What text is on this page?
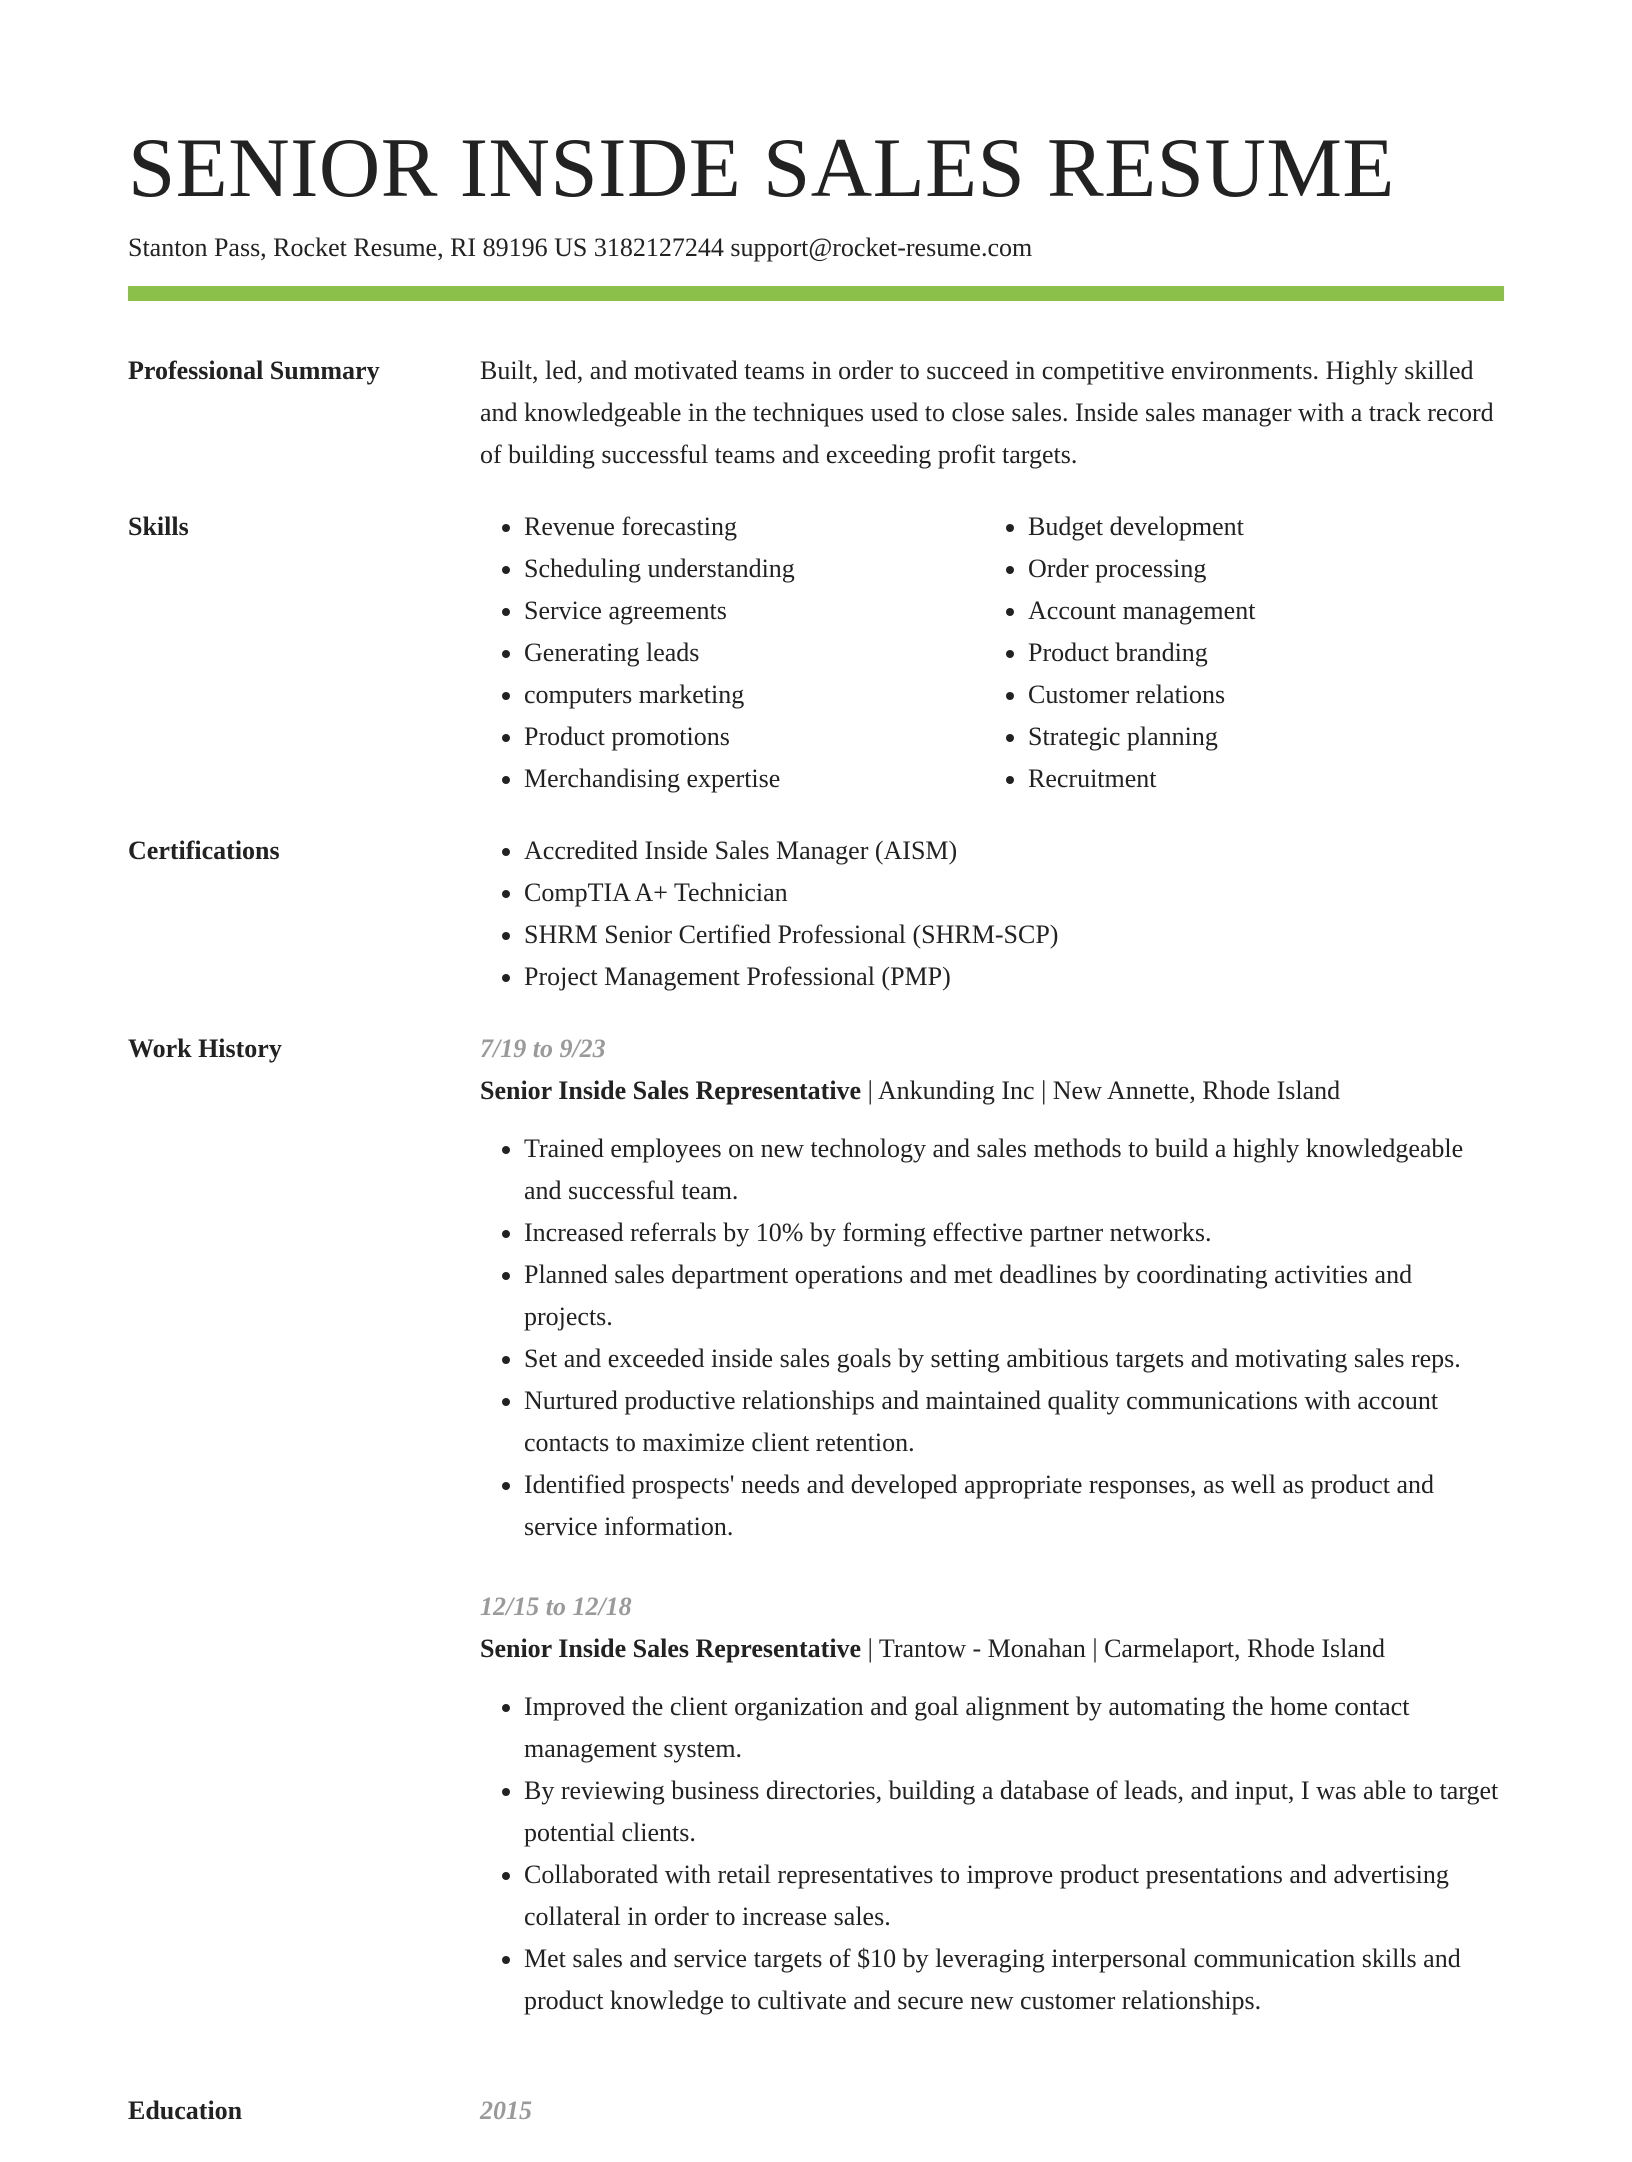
SENIOR INSIDE SALES RESUME
Stanton Pass, Rocket Resume, RI 89196 US 3182127244 support@rocket-resume.com
Professional Summary	Built, led, and motivated teams in order to succeed in competitive environments. Highly skilled and knowledgeable in the techniques used to close sales. Inside sales manager with a track record of building successful teams and exceeding profit targets.

Skills	• Revenue forecasting
• Scheduling understanding
• Service agreements
• Generating leads
• computers marketing
• Product promotions
• Merchandising expertise
• Budget development
• Order processing
• Account management
• Product branding
• Customer relations
• Strategic planning
• Recruitment
Certifications	• Accredited Inside Sales Manager (AISM)
• CompTIA A+ Technician
• SHRM Senior Certified Professional (SHRM-SCP)
• Project Management Professional (PMP)
Work History	7/19 to 9/23
Senior Inside Sales Representative | Ankunding Inc | New Annette, Rhode Island
• Trained employees on new technology and sales methods to build a highly knowledgeable and successful team.
• Increased referrals by 10% by forming effective partner networks.
• Planned sales department operations and met deadlines by coordinating activities and projects.
• Set and exceeded inside sales goals by setting ambitious targets and motivating sales reps.
• Nurtured productive relationships and maintained quality communications with account contacts to maximize client retention.
• Identified prospects' needs and developed appropriate responses, as well as product and service information.
12/15 to 12/18
Senior Inside Sales Representative | Trantow - Monahan | Carmelaport, Rhode Island
• Improved the client organization and goal alignment by automating the home contact management system.
• By reviewing business directories, building a database of leads, and input, I was able to target potential clients.
• Collaborated with retail representatives to improve product presentations and advertising collateral in order to increase sales.
• Met sales and service targets of $10 by leveraging interpersonal communication skills and product knowledge to cultivate and secure new customer relationships.
Education	2015
